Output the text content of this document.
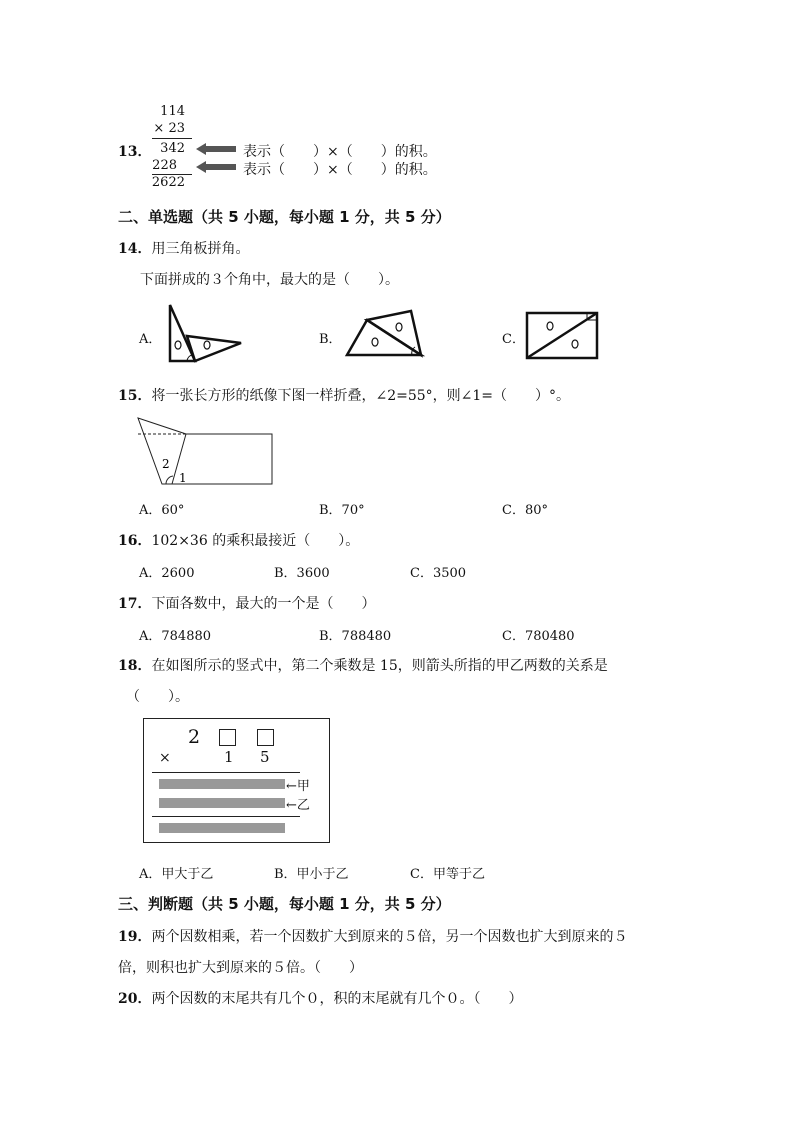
13．
114
× 23
342
228
2622
表示（　　）×（　　）的积。
表示（　　）×（　　）的积。
二、单选题（共 5 小题，每小题 1 分，共 5 分）
14．用三角板拼角。
下面拼成的３个角中，最大的是（　　）。
A．	B．	C．
15．将一张长方形的纸像下图一样折叠，∠2=55°，则∠1=（　　）°。
2
1
A．60°	B．70°	C．80°
16．102×36 的乘积最接近（　　）。
A．2600	B．3600	C．3500
17．下面各数中，最大的一个是（　　）
A．784880	B．788480	C．780480
18．在如图所示的竖式中，第二个乘数是 15，则箭头所指的甲乙两数的关系是
（　　）。
2
×	1 5
←甲
←乙
A．甲大于乙	B．甲小于乙	C．甲等于乙
三、判断题（共 5 小题，每小题 1 分，共 5 分）
19．两个因数相乘，若一个因数扩大到原来的５倍，另一个因数也扩大到原来的５
倍，则积也扩大到原来的５倍。（　　）
20．两个因数的末尾共有几个０，积的末尾就有几个０。（　　）
